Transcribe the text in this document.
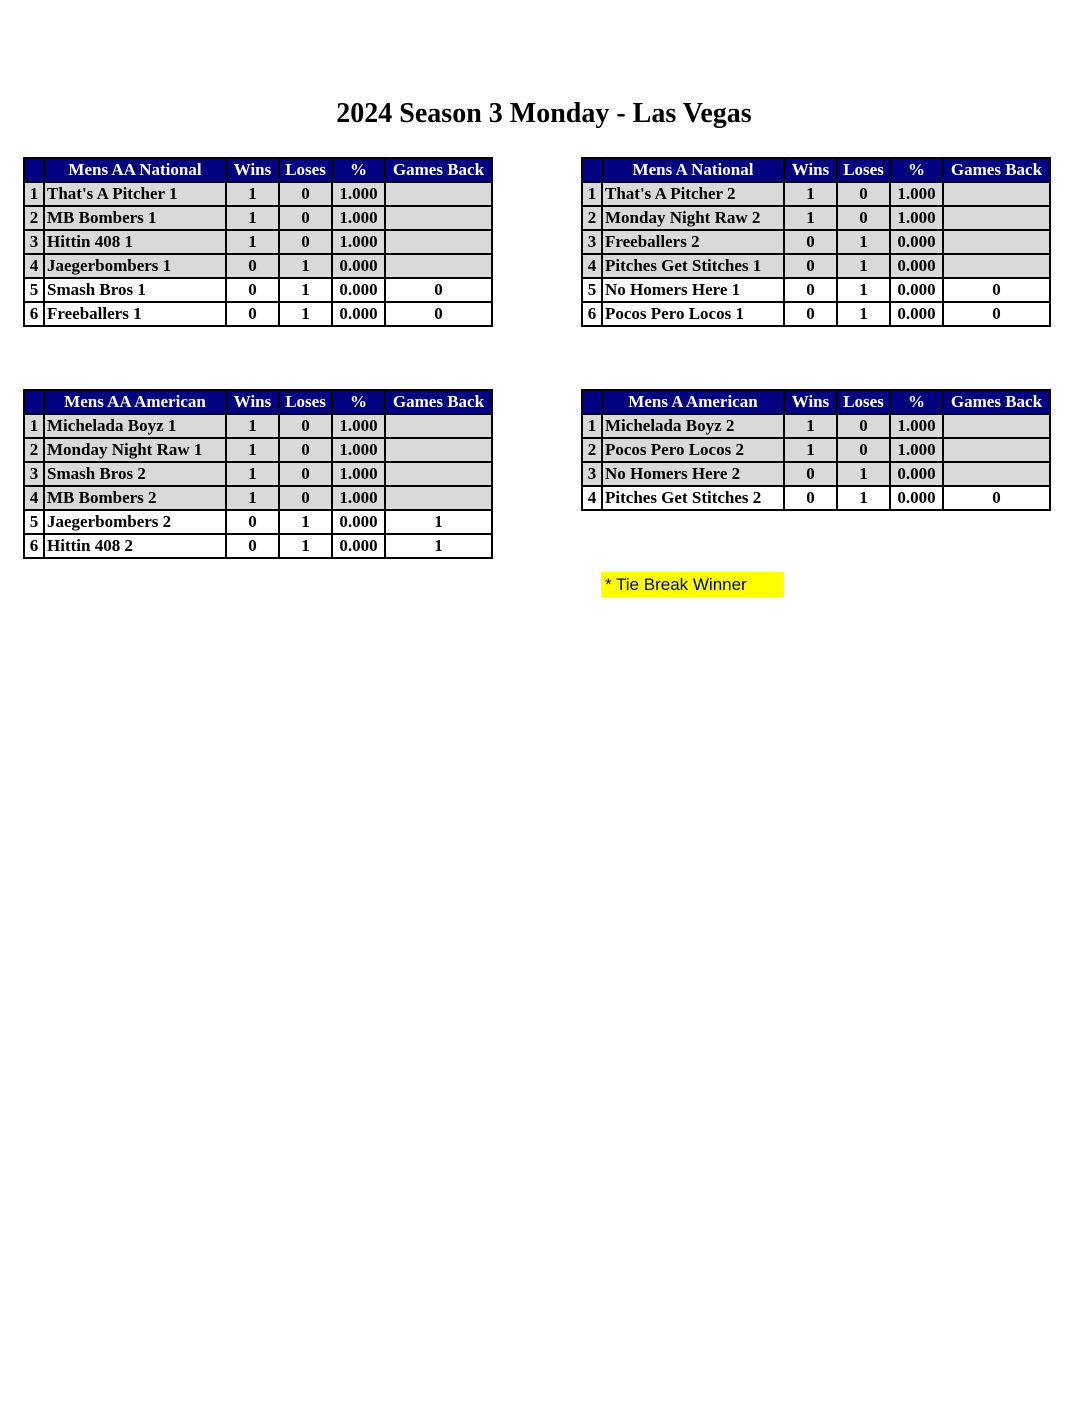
2024 Season 3 Monday - Las Vegas
	Mens AA National	Wins	Loses	%	Games Back
1	That's A Pitcher 1	1	0	1.000	
2	MB Bombers 1	1	0	1.000	
3	Hittin 408 1	1	0	1.000	
4	Jaegerbombers 1	0	1	0.000	
5	Smash Bros 1	0	1	0.000	0
6	Freeballers 1	0	1	0.000	0
	Mens A National	Wins	Loses	%	Games Back
1	That's A Pitcher 2	1	0	1.000	
2	Monday Night Raw 2	1	0	1.000	
3	Freeballers 2	0	1	0.000	
4	Pitches Get Stitches 1	0	1	0.000	
5	No Homers Here 1	0	1	0.000	0
6	Pocos Pero Locos 1	0	1	0.000	0
	Mens AA American	Wins	Loses	%	Games Back
1	Michelada Boyz 1	1	0	1.000	
2	Monday Night Raw 1	1	0	1.000	
3	Smash Bros 2	1	0	1.000	
4	MB Bombers 2	1	0	1.000	
5	Jaegerbombers 2	0	1	0.000	1
6	Hittin 408 2	0	1	0.000	1
	Mens A American	Wins	Loses	%	Games Back
1	Michelada Boyz 2	1	0	1.000	
2	Pocos Pero Locos 2	1	0	1.000	
3	No Homers Here 2	0	1	0.000	
4	Pitches Get Stitches 2	0	1	0.000	0
* Tie Break Winner
